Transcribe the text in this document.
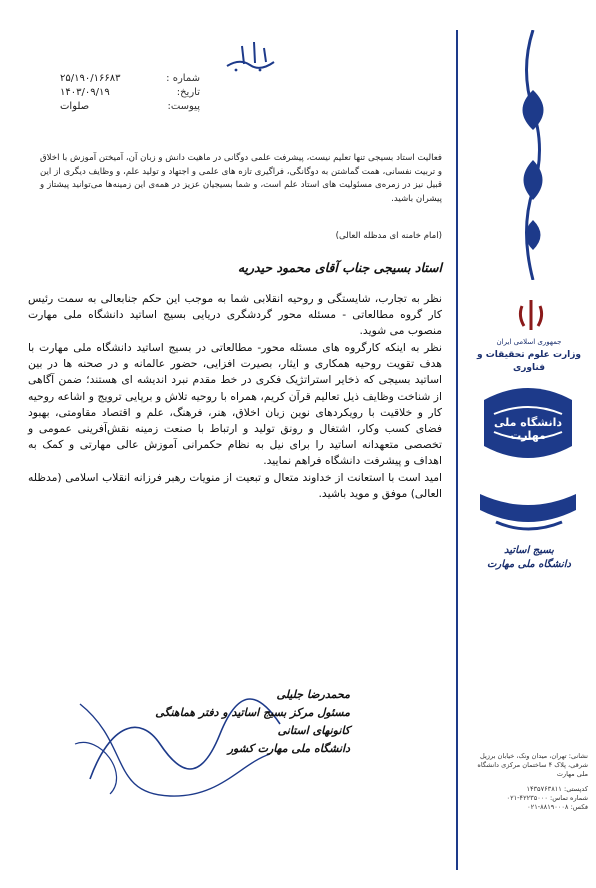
شماره :
۲۵/۱۹۰/۱۶۶۸۳
تاریخ:
۱۴۰۳/۰۹/۱۹
پیوست:
صلوات
فعالیت استاد بسیجی تنها تعلیم نیست، پیشرفت علمی دوگانی در ماهیت دانش و زبان آن، آمیختن آموزش با اخلاق و تربیت نفسانی، همت گماشتن به دوگانگی، فراگیری تازه های علمی و اجتهاد و تولید علم، و وظایف دیگری از این قبیل نیز در زمره‌ی مسئولیت های استاد علم است، و شما بسیجیان عزیز در همه‌ی این زمینه‌ها می‌توانید پیشتاز و پیشران باشید.
(امام خامنه ای مدظله العالی)
استاد بسیجی جناب آقای محمود حیدریه

نظر به تجارب، شایستگی و روحیه انقلابی شما به موجب این حکم جنابعالی به سمت رئیس کار گروه مطالعاتی - مسئله محور گردشگری دریایی بسیج اساتید دانشگاه ملی مهارت منصوب می شوید.

نظر به اینکه کارگروه های مسئله محور- مطالعاتی در بسیج اساتید دانشگاه ملی مهارت با هدف تقویت روحیه همکاری و ایثار، بصیرت افزایی، حضور عالمانه و در صحنه ها در بین اساتید بسیجی که ذخایر استراتژیک فکری در خط مقدم نبرد اندیشه ای هستند؛ ضمن آگاهی از شناخت وظایف ذیل تعالیم قرآن کریم، همراه با روحیه تلاش و برپایی ترویج و اشاعه روحیه کار و خلاقیت با رویکردهای نوین زبان اخلاق، هنر، فرهنگ، علم و اقتصاد مقاومتی، بهبود فضای کسب وکار، اشتغال و رونق تولید و ارتباط با صنعت زمینه نقش‌آفرینی عمومی و تخصصی متعهدانه اساتید را برای نیل به نظام حکمرانی آموزش عالی مهارتی و کمک به اهداف و پیشرفت دانشگاه فراهم نمایید.

امید است با استعانت از خداوند متعال و تبعیت از منویات رهبر فرزانه انقلاب اسلامی (مدظله العالی) موفق و موید باشید.

محمدرضا جلیلی
مسئول مرکز بسیج اساتید و دفتر هماهنگی کانونهای استانی
دانشگاه ملی مهارت کشور
جمهوری اسلامی ایران
وزارت علوم تحقیقات و فناوری
دانشگاه ملی مهارت
بسیج اساتید
دانشگاه ملی مهارت
نشانی: تهران، میدان ونک، خیابان برزیل شرقی، پلاک ۴ ساختمان مرکزی دانشگاه ملی مهارت
کدپستی: ۱۴۳۵۷۶۳۸۱۱
شماره تماس: ۰۲۱-۴۲۲۳۵۰۰۰
فکس: ۰۲۱-۸۸۱۹۰۰۰۸
